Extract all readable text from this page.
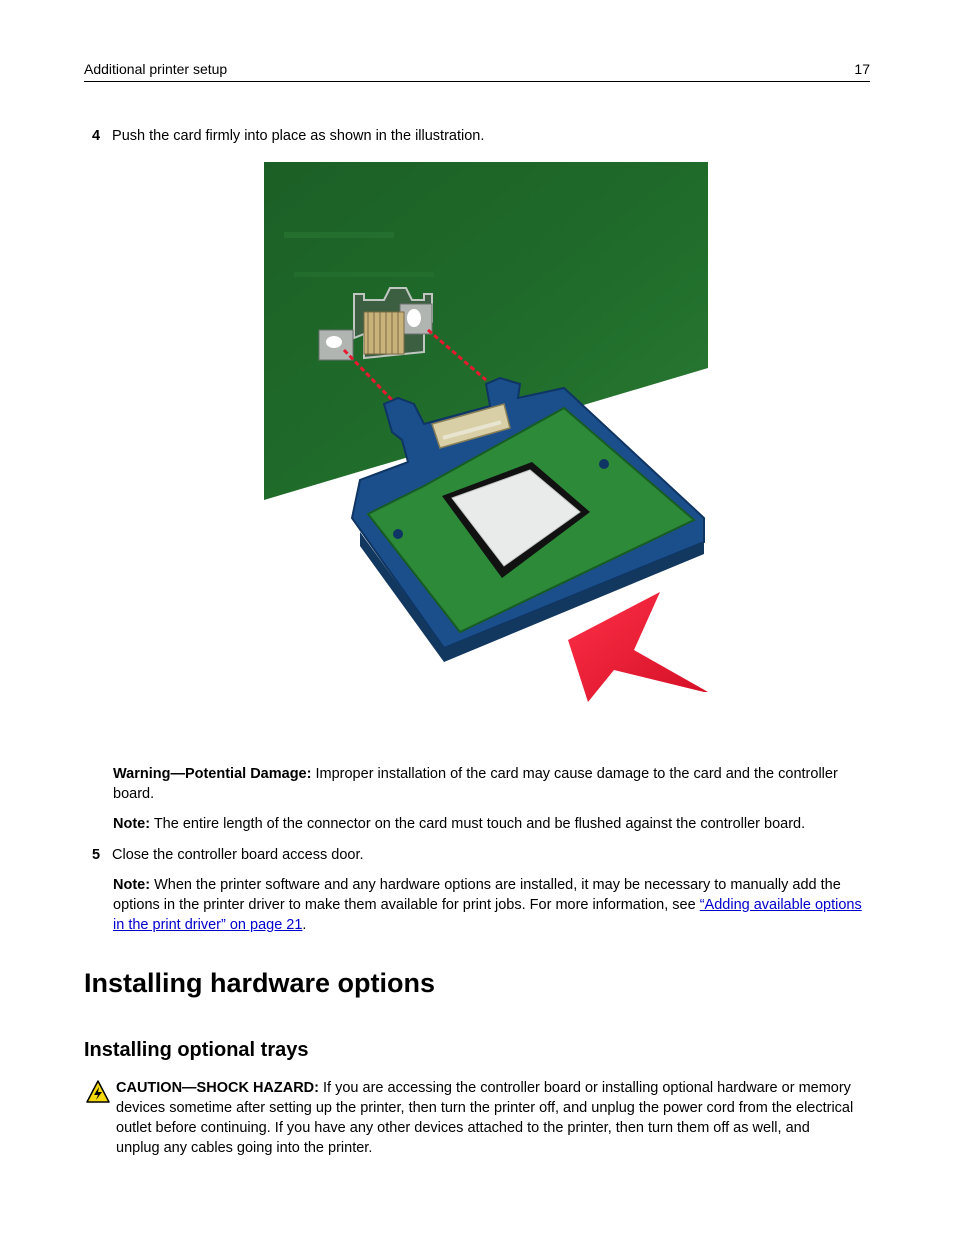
Additional printer setup	17
4 Push the card firmly into place as shown in the illustration.
Warning—Potential Damage: Improper installation of the card may cause damage to the card and the controller board.
Note: The entire length of the connector on the card must touch and be flushed against the controller board.
5 Close the controller board access door.
Note: When the printer software and any hardware options are installed, it may be necessary to manually add the options in the printer driver to make them available for print jobs. For more information, see “Adding available options in the print driver” on page 21.
Installing hardware options
Installing optional trays
CAUTION—SHOCK HAZARD: If you are accessing the controller board or installing optional hardware or memory devices sometime after setting up the printer, then turn the printer off, and unplug the power cord from the electrical outlet before continuing. If you have any other devices attached to the printer, then turn them off as well, and unplug any cables going into the printer.
